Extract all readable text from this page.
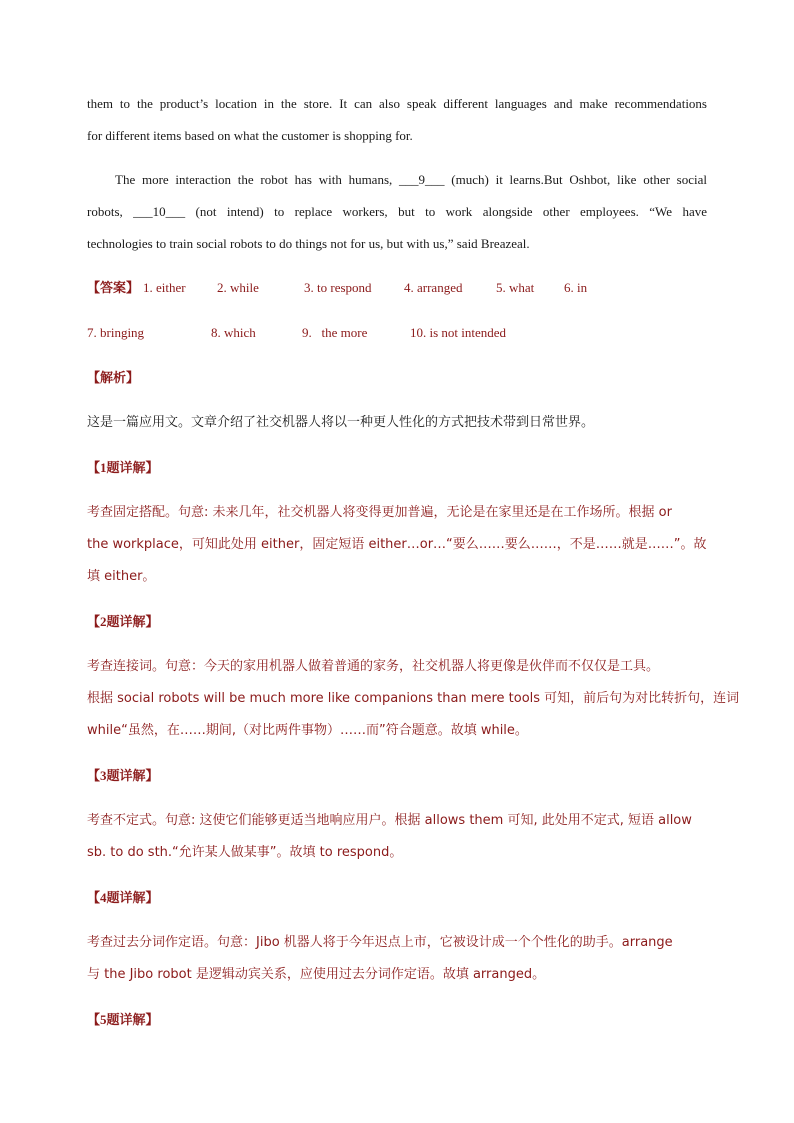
them to the product’s location in the store. It can also speak different languages and make recommendations

for different items based on what the customer is shopping for.

The more interaction the robot has with humans, ___9___ (much) it learns.But Oshbot, like other social

robots, ___10___ (not intend) to replace workers, but to work alongside other employees. “We have

technologies to train social robots to do things not for us, but with us,” said Breazeal.

【答案】 1. either 2. while	3. to respond 4. arranged	5. what 6. in
7. bringing	8. which	9.   the more	10. is not intended
【解析】

这是一篇应用文。文章介绍了社交机器人将以一种更人性化的方式把技术带到日常世界。

【1题详解】

考查固定搭配。句意: 未来几年，社交机器人将变得更加普遍，无论是在家里还是在工作场所。根据 or

the workplace，可知此处用 either，固定短语 either…or…“要么……要么……，不是……就是……”。故

填 either。

【2题详解】

考查连接词。句意：今天的家用机器人做着普通的家务，社交机器人将更像是伙伴而不仅仅是工具。

根据 social robots will be much more like companions than mere tools 可知，前后句为对比转折句，连词

while“虽然，在……期间,（对比两件事物）……而”符合题意。故填 while。

【3题详解】

考查不定式。句意: 这使它们能够更适当地响应用户。根据 allows them 可知, 此处用不定式, 短语 allow

sb. to do sth.“允许某人做某事”。故填 to respond。

【4题详解】

考查过去分词作定语。句意：Jibo 机器人将于今年迟点上市，它被设计成一个个性化的助手。arrange

与 the Jibo robot 是逻辑动宾关系，应使用过去分词作定语。故填 arranged。

【5题详解】
